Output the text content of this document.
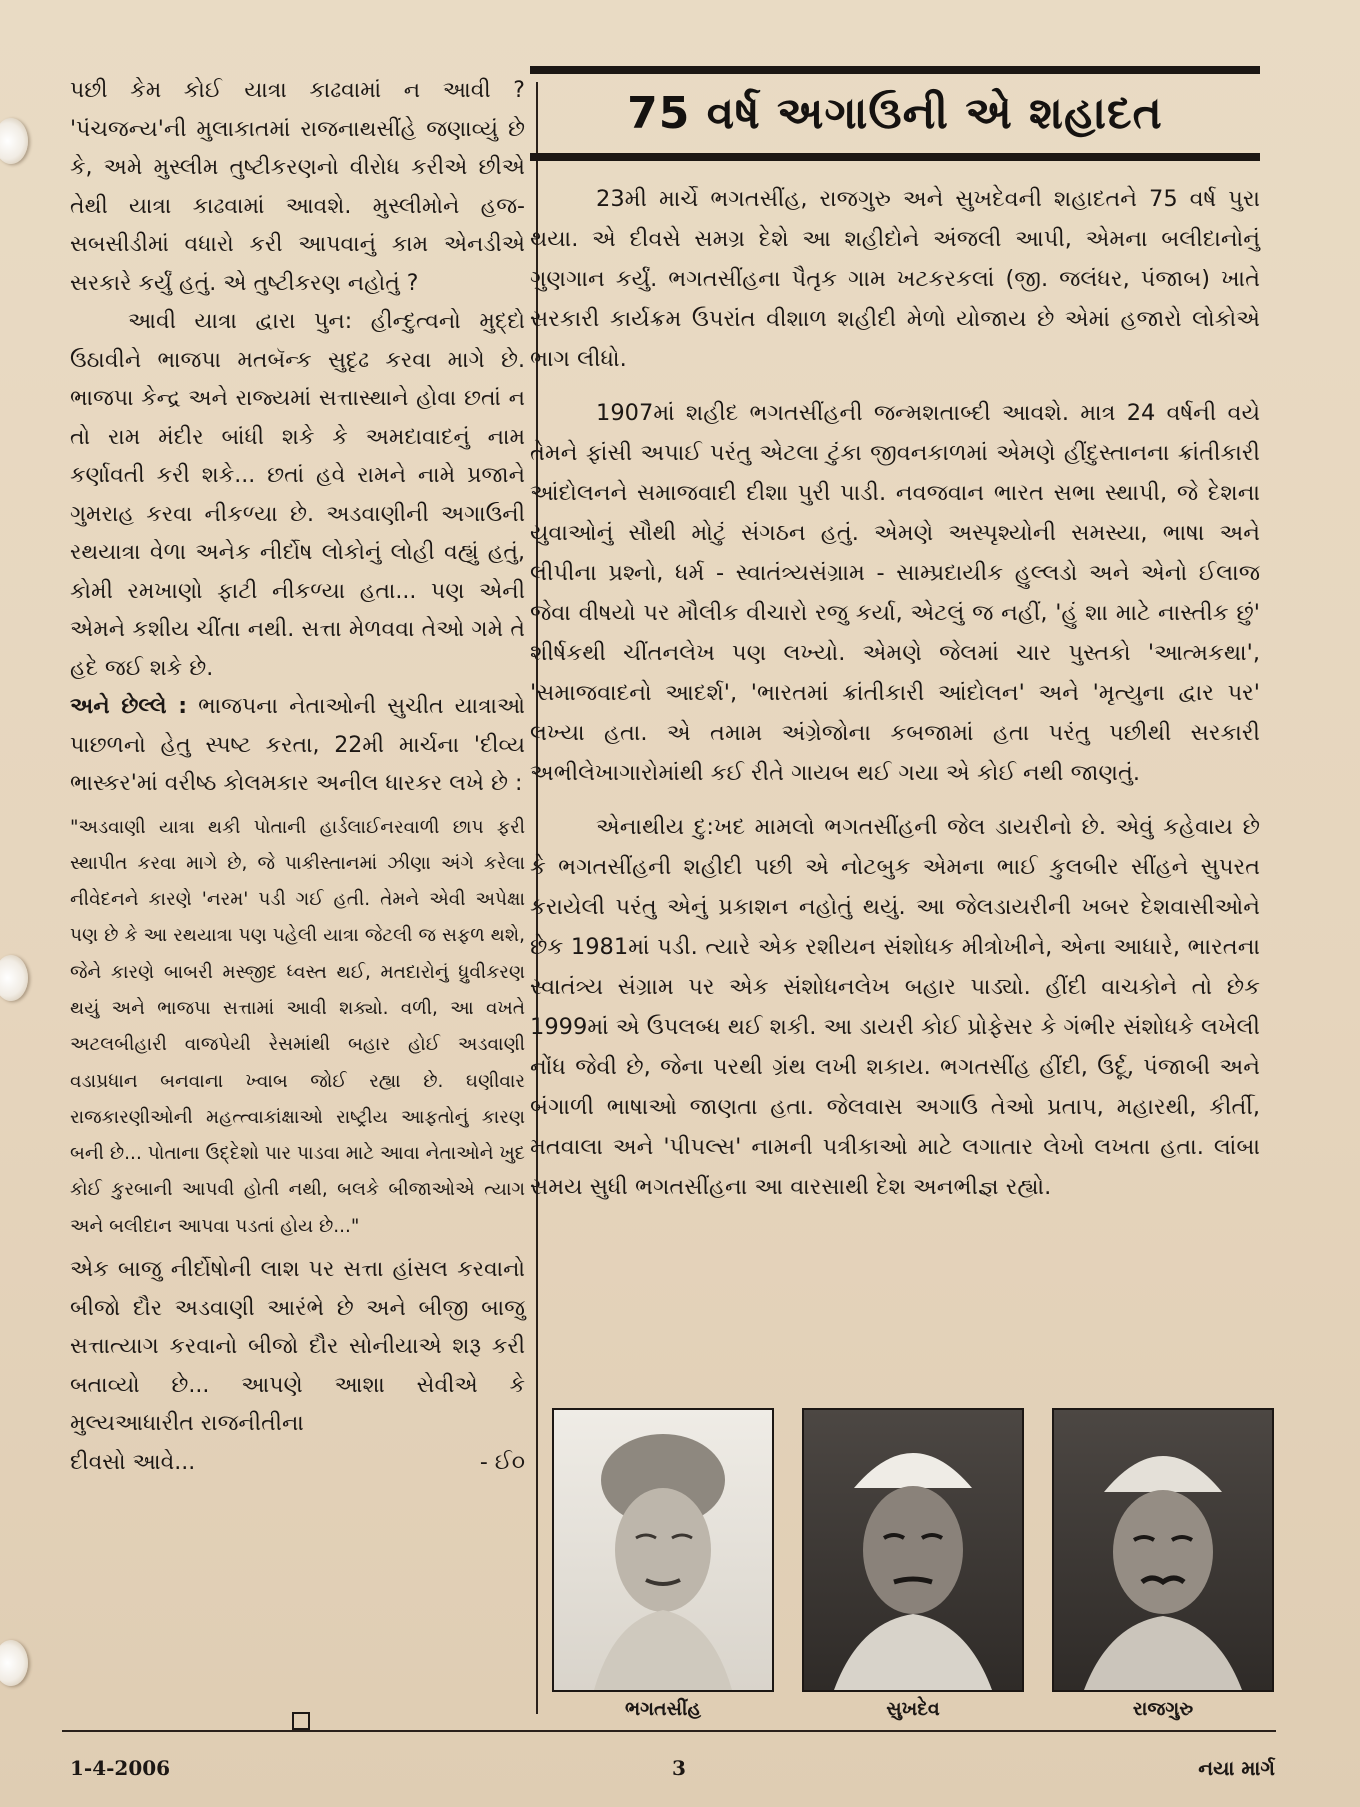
પછી કેમ કોઈ યાત્રા કાઢવામાં ન આવી ? 'પંચજન્ય'ની મુલાકાતમાં રાજનાથસીંહે જણાવ્યું છે કે, અમે મુસ્લીમ તુષ્ટીકરણનો વીરોધ કરીએ છીએ તેથી યાત્રા કાઢવામાં આવશે. મુસ્લીમોને હજ-સબસીડીમાં વધારો કરી આપવાનું કામ એનડીએ સરકારે કર્યું હતું. એ તુષ્ટીકરણ નહોતું ?

આવી યાત્રા દ્વારા પુન: હીન્દુત્વનો મુદ્દો ઉઠાવીને ભાજપા મતબૅન્ક સુદૃઢ કરવા માગે છે. ભાજપા કેન્દ્ર અને રાજ્યમાં સત્તાસ્થાને હોવા છતાં ન તો રામ મંદીર બાંધી શકે કે અમદાવાદનું નામ કર્ણાવતી કરી શકે... છતાં હવે રામને નામે પ્રજાને ગુમરાહ કરવા નીકળ્યા છે. અડવાણીની અગાઉની રથયાત્રા વેળા અનેક નીર્દોષ લોકોનું લોહી વહ્યું હતું, કોમી રમખાણો ફાટી નીકળ્યા હતા... પણ એની એમને કશીય ચીંતા નથી. સત્તા મેળવવા તેઓ ગમે તે હદે જઈ શકે છે.

અને છેલ્લે : ભાજપના નેતાઓની સુચીત યાત્રાઓ પાછળનો હેતુ સ્પષ્ટ કરતા, 22મી માર્ચના 'દીવ્ય ભાસ્કર'માં વરીષ્ઠ કોલમકાર અનીલ ધારકર લખે છે :

"અડવાણી યાત્રા થકી પોતાની હાર્ડલાઈનરવાળી છાપ ફરી સ્થાપીત કરવા માગે છે, જે પાકીસ્તાનમાં ઝીણા અંગે કરેલા નીવેદનને કારણે 'નરમ' પડી ગઈ હતી. તેમને એવી અપેક્ષા પણ છે કે આ રથયાત્રા પણ પહેલી યાત્રા જેટલી જ સફળ થશે, જેને કારણે બાબરી મસ્જીદ ધ્વસ્ત થઈ, મતદારોનું ધ્રુવીકરણ થયું અને ભાજપા સત્તામાં આવી શક્યો. વળી, આ વખતે અટલબીહારી વાજપેયી રેસમાંથી બહાર હોઈ અડવાણી વડાપ્રધાન બનવાના ખ્વાબ જોઈ રહ્યા છે. ઘણીવાર રાજકારણીઓની મહત્ત્વાકાંક્ષાઓ રાષ્ટ્રીય આફતોનું કારણ બની છે... પોતાના ઉદ્દેશો પાર પાડવા માટે આવા નેતાઓને ખુદ કોઈ કુરબાની આપવી હોતી નથી, બલકે બીજાઓએ ત્યાગ અને બલીદાન આપવા પડતાં હોય છે..."

એક બાજુ નીર્દોષોની લાશ પર સત્તા હાંસલ કરવાનો બીજો દૌર અડવાણી આરંભે છે અને બીજી બાજુ સત્તાત્યાગ કરવાનો બીજો દૌર સોનીયાએ શરૂ કરી બતાવ્યો છે... આપણે આશા સેવીએ કે મુલ્યઆધારીત રાજનીતીના

દીવસો આવે...	- ઈ૦
75 વર્ષ અગાઉની એ શહાદત

23મી માર્ચે ભગતસીંહ, રાજગુરુ અને સુખદેવની શહાદતને 75 વર્ષ પુરા થયા. એ દીવસે સમગ્ર દેશે આ શહીદોને અંજલી આપી, એમના બલીદાનોનું ગુણગાન કર્યું. ભગતસીંહના પૈતૃક ગામ ખટકરકલાં (જી. જલંધર, પંજાબ) ખાતે સરકારી કાર્યક્રમ ઉપરાંત વીશાળ શહીદી મેળો યોજાય છે એમાં હજારો લોકોએ ભાગ લીધો.

1907માં શહીદ ભગતસીંહની જન્મશતાબ્દી આવશે. માત્ર 24 વર્ષની વયે તેમને ફાંસી અપાઈ પરંતુ એટલા ટુંકા જીવનકાળમાં એમણે હીંદુસ્તાનના ક્રાંતીકારી આંદોલનને સમાજવાદી દીશા પુરી પાડી. નવજવાન ભારત સભા સ્થાપી, જે દેશના યુવાઓનું સૌથી મોટું સંગઠન હતું. એમણે અસ્પૃશ્યોની સમસ્યા, ભાષા અને લીપીના પ્રશ્નો, ધર્મ - સ્વાતંત્ર્યસંગ્રામ - સામ્પ્રદાયીક હુલ્લડો અને એનો ઈલાજ જેવા વીષયો પર મૌલીક વીચારો રજુ કર્યા, એટલું જ નહીં, 'હું શા માટે નાસ્તીક છું' શીર્ષકથી ચીંતનલેખ પણ લખ્યો. એમણે જેલમાં ચાર પુસ્તકો 'આત્મકથા', 'સમાજવાદનો આદર્શ', 'ભારતમાં ક્રાંતીકારી આંદોલન' અને 'મૃત્યુના દ્વાર પર' લખ્યા હતા. એ તમામ અંગ્રેજોના કબજામાં હતા પરંતુ પછીથી સરકારી અભીલેખાગારોમાંથી કઈ રીતે ગાયબ થઈ ગયા એ કોઈ નથી જાણતું.

એનાથીય દુ:ખદ મામલો ભગતસીંહની જેલ ડાયરીનો છે. એવું કહેવાય છે કે ભગતસીંહની શહીદી પછી એ નોટબુક એમના ભાઈ કુલબીર સીંહને સુપરત કરાયેલી પરંતુ એનું પ્રકાશન નહોતું થયું. આ જેલડાયરીની ખબર દેશવાસીઓને છેક 1981માં પડી. ત્યારે એક રશીયન સંશોધક મીત્રોખીને, એના આધારે, ભારતના સ્વાતંત્ર્ય સંગ્રામ પર એક સંશોધનલેખ બહાર પાડ્યો. હીંદી વાચકોને તો છેક 1999માં એ ઉપલબ્ધ થઈ શકી. આ ડાયરી કોઈ પ્રોફેસર કે ગંભીર સંશોધકે લખેલી નોંધ જેવી છે, જેના પરથી ગ્રંથ લખી શકાય. ભગતસીંહ હીંદી, ઉર્દૂ, પંજાબી અને બંગાળી ભાષાઓ જાણતા હતા. જેલવાસ અગાઉ તેઓ પ્રતાપ, મહારથી, કીર્તી, મતવાલા અને 'પીપલ્સ' નામની પત્રીકાઓ માટે લગાતાર લેખો લખતા હતા. લાંબા સમય સુધી ભગતસીંહના આ વારસાથી દેશ અનભીજ્ઞ રહ્યો.

ભગતસીંહ	સુખદેવ	રાજગુરુ
1-4-2006	3	નયા માર્ગ
